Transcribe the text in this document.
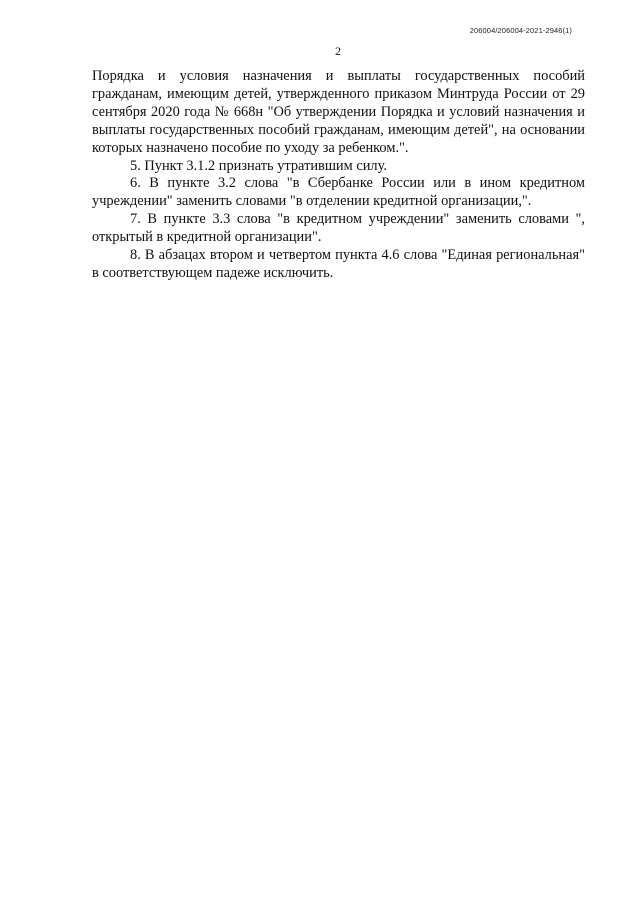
206004/206004-2021-2946(1)
2

Порядка и условия назначения и выплаты государственных пособий гражданам, имеющим детей, утвержденного приказом Минтруда России от 29 сентября 2020 года № 668н "Об утверждении Порядка и условий назначения и выплаты государственных пособий гражданам, имеющим детей", на основании которых назначено пособие по уходу за ребенком.".

5. Пункт 3.1.2 признать утратившим силу.

6. В пункте 3.2 слова "в Сбербанке России или в ином кредитном учреждении" заменить словами "в отделении кредитной организации,".

7. В пункте 3.3 слова "в кредитном учреждении" заменить словами ", открытый в кредитной организации".

8. В абзацах втором и четвертом пункта 4.6 слова "Единая региональная" в соответствующем падеже исключить.
